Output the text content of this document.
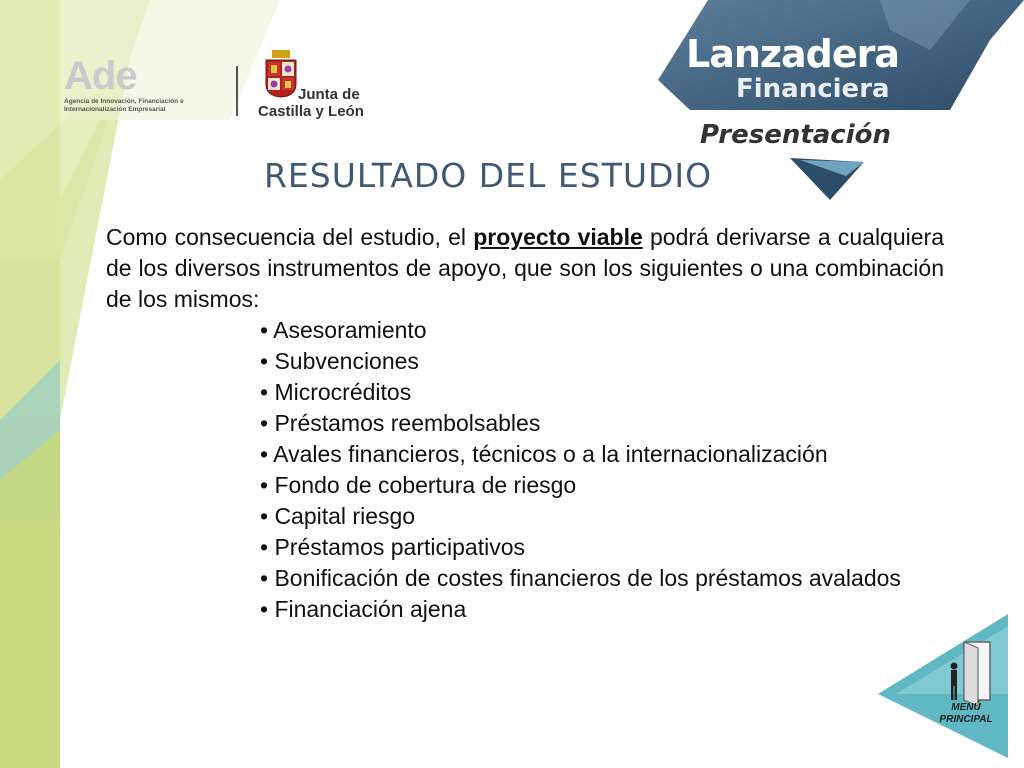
Ade
Agencia de Innovación, Financiación e Internacionalización Empresarial
Junta de
Castilla y León
Lanzadera
Financiera
Presentación
RESULTADO DEL ESTUDIO

Como consecuencia del estudio, el proyecto viable podrá derivarse a cualquiera de los diversos instrumentos de apoyo, que son los siguientes o una combinación de los mismos:

• Asesoramiento
• Subvenciones
• Microcréditos
• Préstamos reembolsables
• Avales financieros, técnicos o a la internacionalización
• Fondo de cobertura de riesgo
• Capital riesgo
• Préstamos participativos
• Bonificación de costes financieros de los préstamos avalados
• Financiación ajena
MENÚ
PRINCIPAL
